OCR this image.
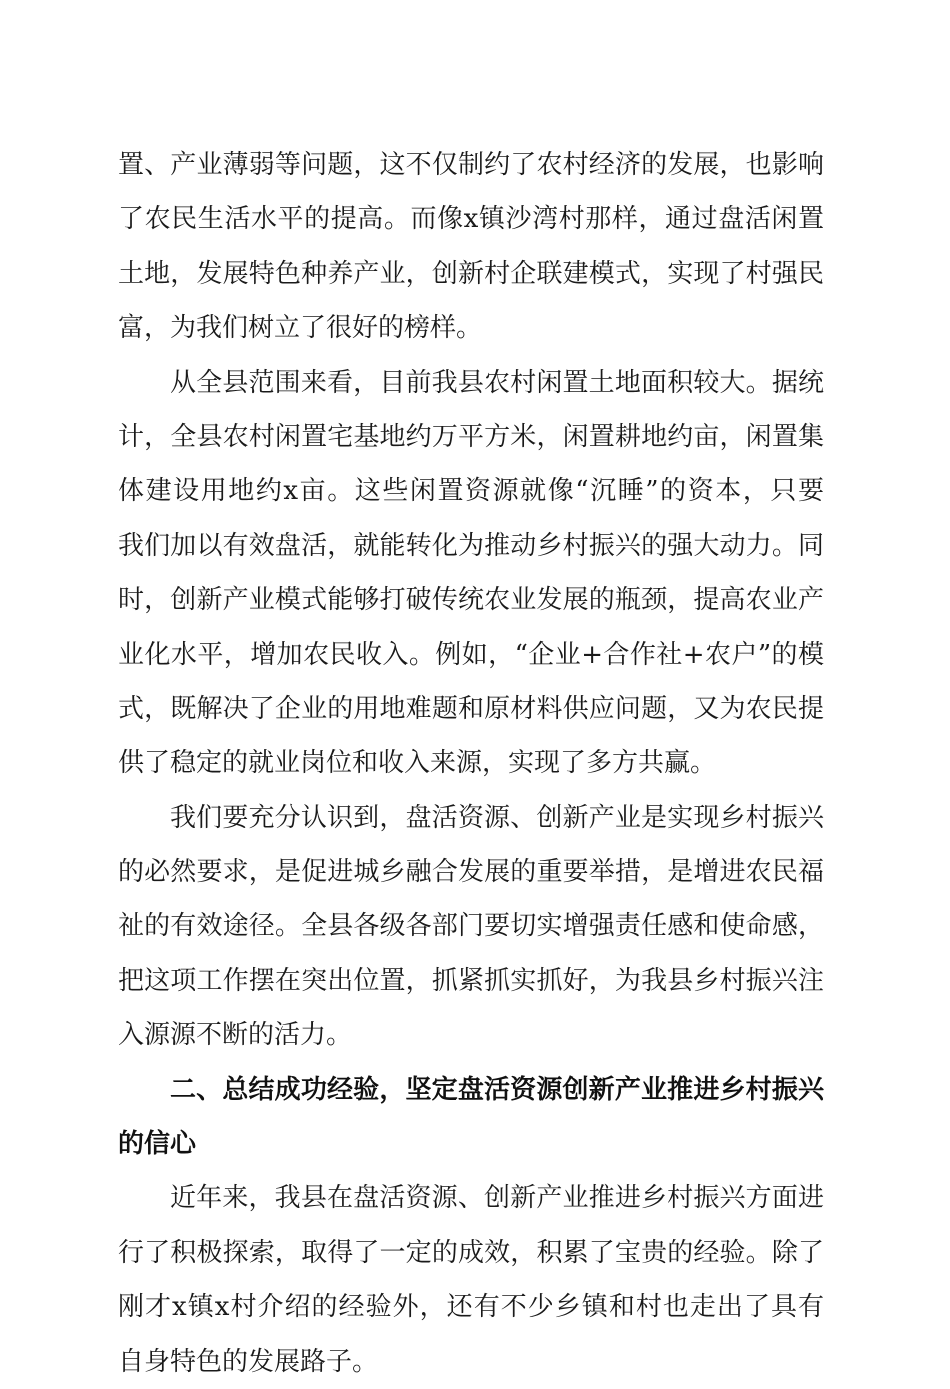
置、产业薄弱等问题，这不仅制约了农村经济的发展，也影响
了农民生活水平的提高。而像x镇沙湾村那样，通过盘活闲置
土地，发展特色种养产业，创新村企联建模式，实现了村强民
富，为我们树立了很好的榜样。
从全县范围来看，目前我县农村闲置土地面积较大。据统
计，全县农村闲置宅基地约万平方米，闲置耕地约亩，闲置集
体建设用地约x亩。这些闲置资源就像“沉睡”的资本，只要
我们加以有效盘活，就能转化为推动乡村振兴的强大动力。同
时，创新产业模式能够打破传统农业发展的瓶颈，提高农业产
业化水平，增加农民收入。例如，“企业+合作社+农户”的模
式，既解决了企业的用地难题和原材料供应问题，又为农民提
供了稳定的就业岗位和收入来源，实现了多方共赢。
我们要充分认识到，盘活资源、创新产业是实现乡村振兴
的必然要求，是促进城乡融合发展的重要举措，是增进农民福
祉的有效途径。全县各级各部门要切实增强责任感和使命感，
把这项工作摆在突出位置，抓紧抓实抓好，为我县乡村振兴注
入源源不断的活力。
二、总结成功经验，坚定盘活资源创新产业推进乡村振兴
的信心
近年来，我县在盘活资源、创新产业推进乡村振兴方面进
行了积极探索，取得了一定的成效，积累了宝贵的经验。除了
刚才x镇x村介绍的经验外，还有不少乡镇和村也走出了具有
自身特色的发展路子。
